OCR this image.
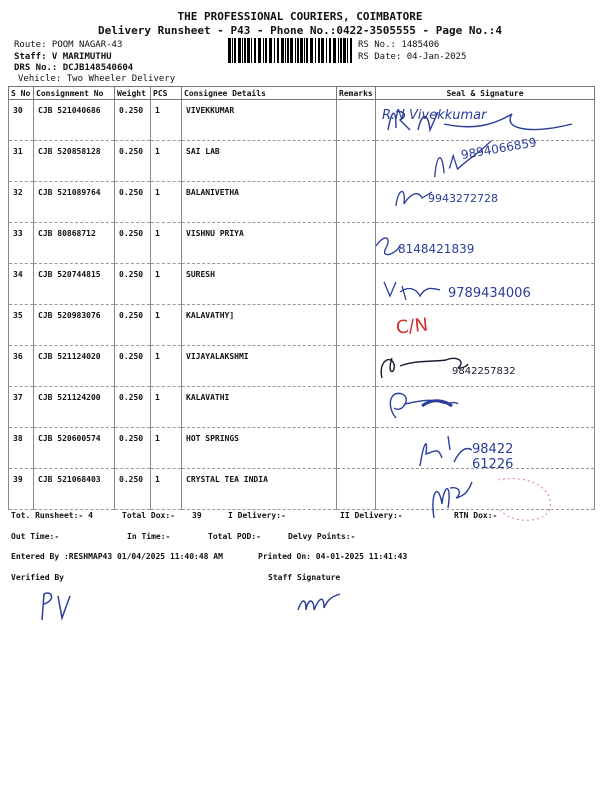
THE PROFESSIONAL COURIERS, COIMBATORE
Delivery Runsheet - P43 - Phone No.:0422-3505555 - Page No.:4
Route: POOM NAGAR-43
Staff: V MARIMUTHU
DRS No.: DCJB148540604
Vehicle: Two Wheeler Delivery
RS No.: 1485406
RS Date: 04-Jan-2025
S No	Consignment No	Weight	PCS	Consignee Details	Remarks	Seal & Signature
30	CJB 521040686	0.250	1	VIVEKKUMAR		
31	CJB 520858128	0.250	1	SAI LAB		
32	CJB 521089764	0.250	1	BALANIVETHA		
33	CJB 80868712	0.250	1	VISHNU PRIYA		
34	CJB 520744815	0.250	1	SURESH		
35	CJB 520983076	0.250	1	KALAVATHY]		
36	CJB 521124020	0.250	1	VIJAYALAKSHMI		
37	CJB 521124200	0.250	1	KALAVATHI		
38	CJB 520600574	0.250	1	HOT SPRINGS		
39	CJB 521068403	0.250	1	CRYSTAL TEA INDIA		
R.N Vivekkumar
9894066859
9943272728
8148421839
9789434006
C/N
9842257832
98422 61226
Tot. Runsheet:- 4	Total Dox:- 39	I Delivery:-	II Delivery:-	RTN Dox:-
Out Time:-	In Time:-	Total POD:-	Delvy Points:-
Entered By :RESHMAP43 01/04/2025 11:40:48 AM	Printed On: 04-01-2025 11:41:43
Verified By	Staff Signature
